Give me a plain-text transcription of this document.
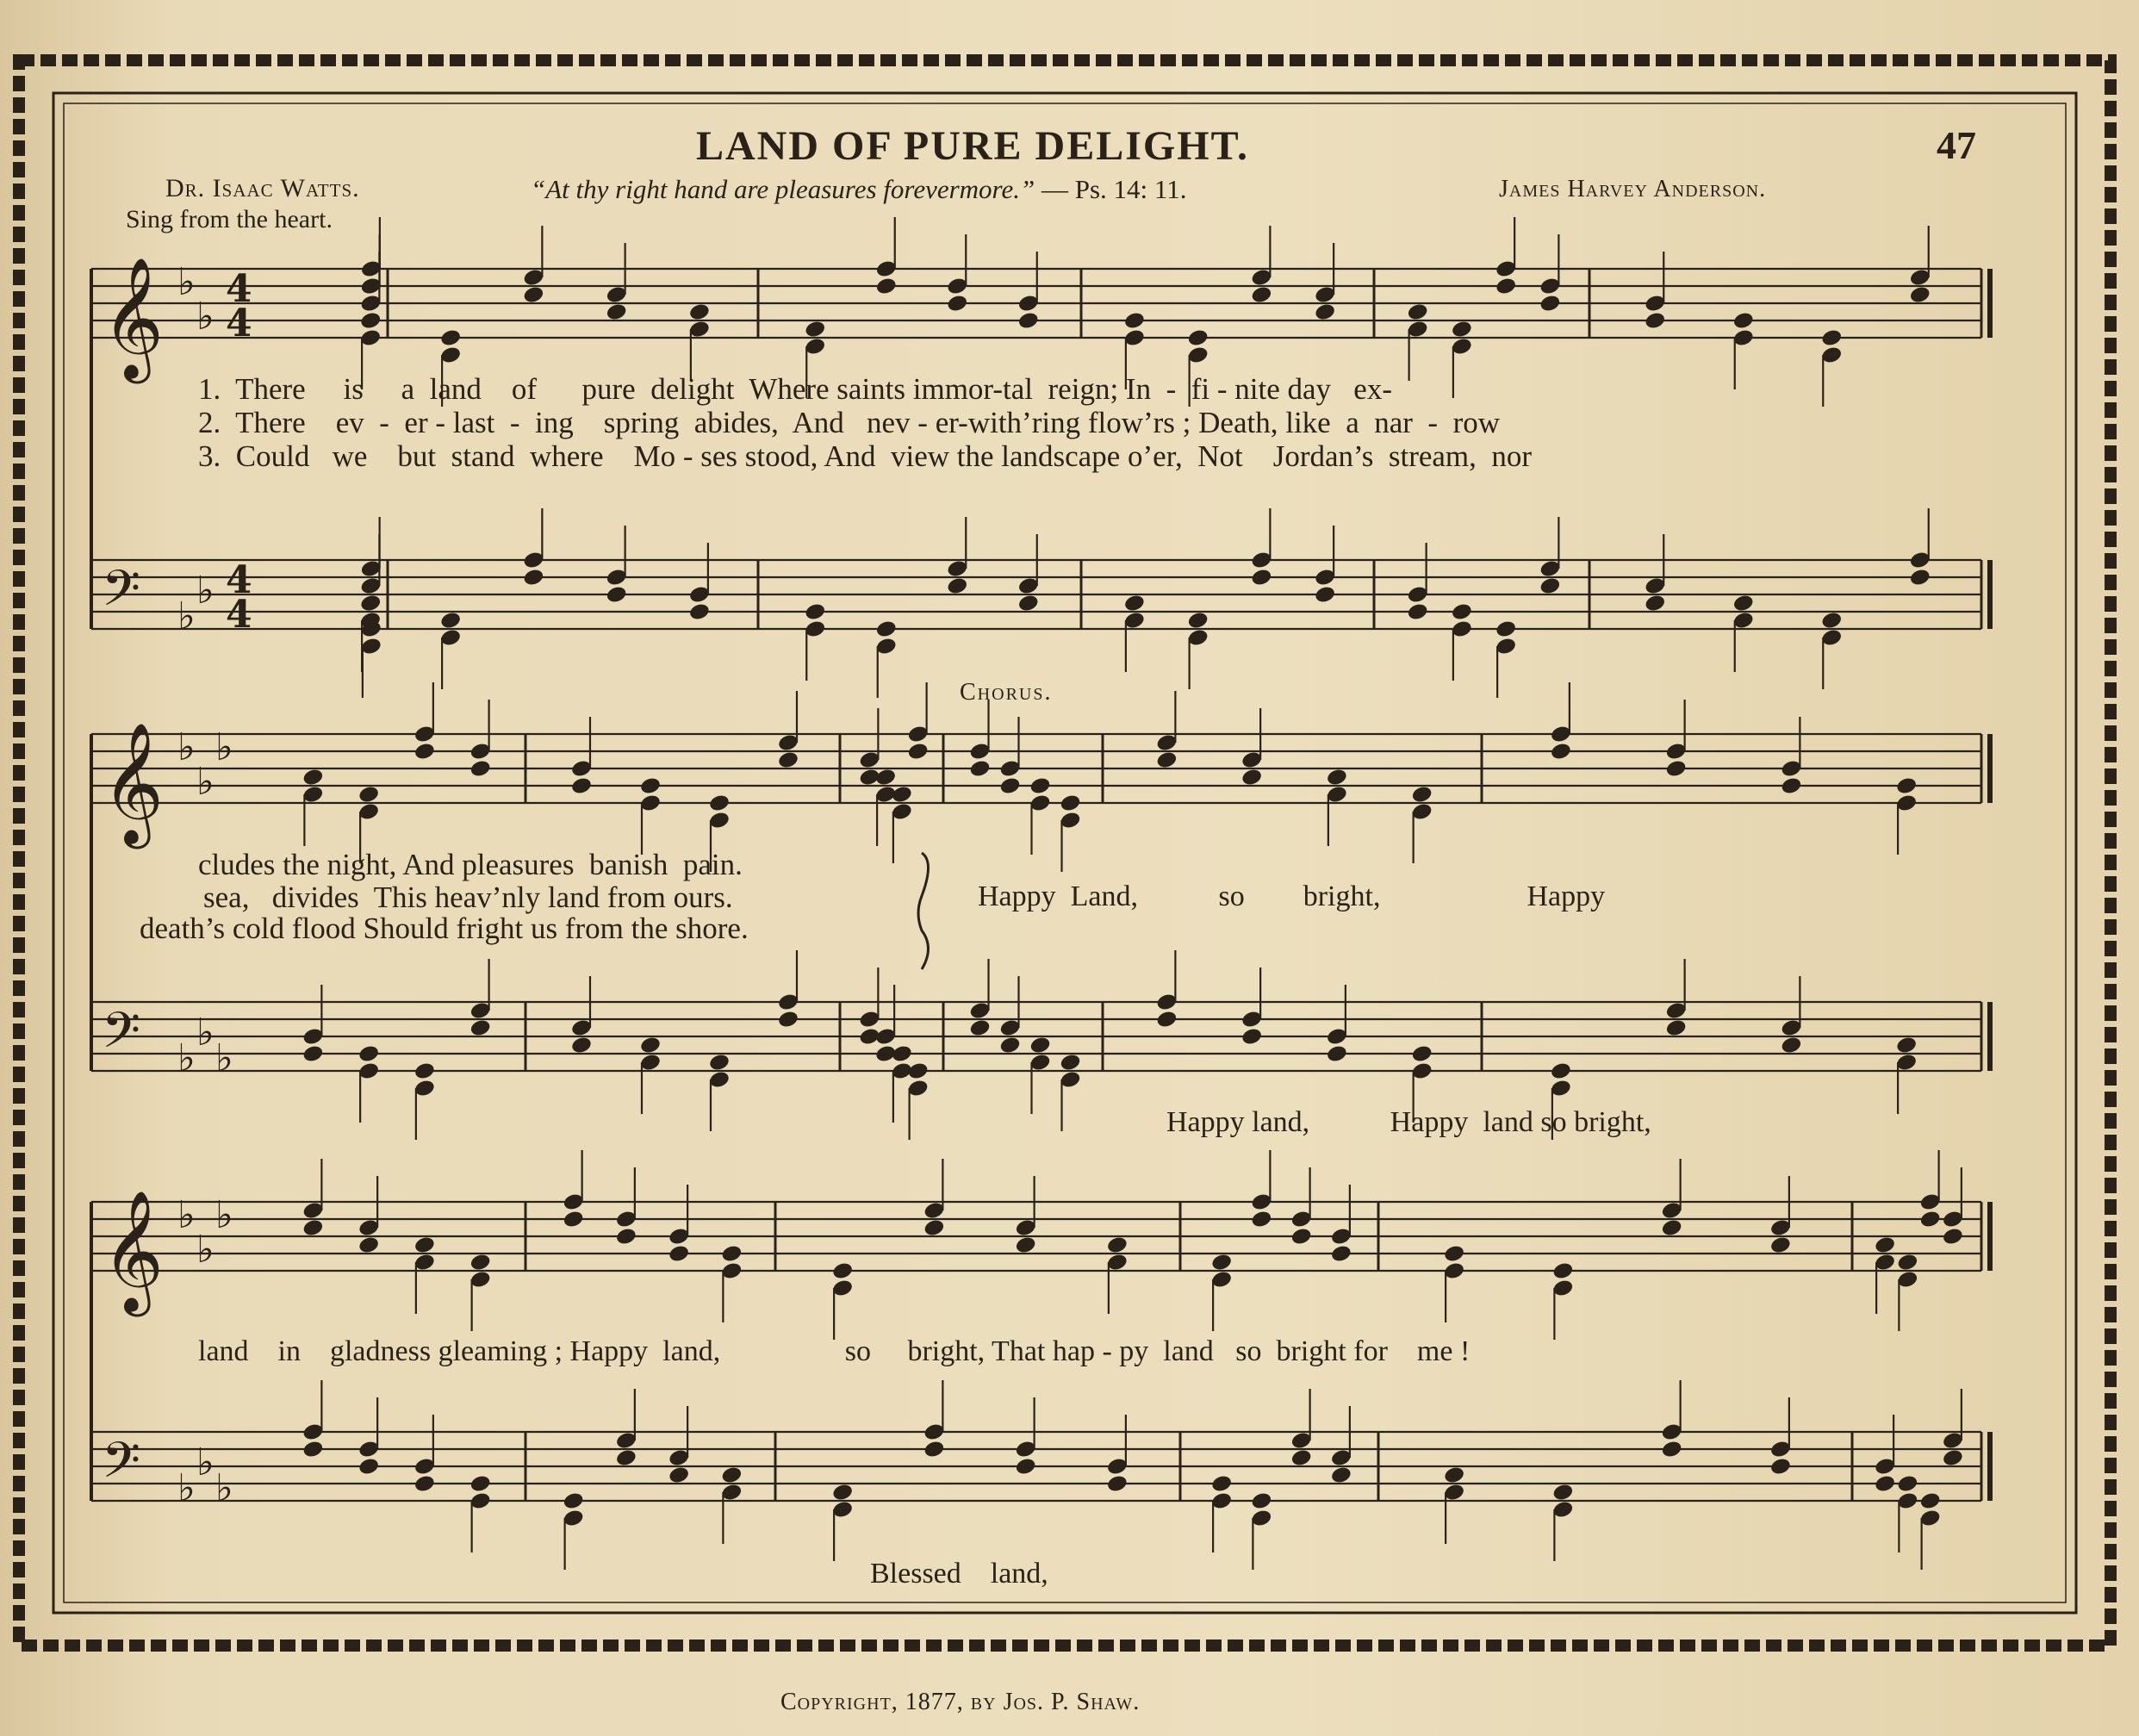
𝄞 ♭
♭
𝄢 ♭
♭
𝄞 ♭
♭
♭
𝄢 ♭
♭
♭
𝄞 ♭
♭
♭
𝄢 ♭
♭
♭
4
4
4
4
LAND OF PURE DELIGHT.	47
Dr. Isaac Watts.	“At thy right hand are pleasures forevermore.” — Ps. 14: 11.	James Harvey Anderson.
Sing from the heart.
1.  There     is     a  land    of      pure  delight  Where saints immor-tal  reign; In  -  fi - nite day   ex-
2.  There    ev  -  er - last  -  ing    spring  abides,  And   nev - er-with’ring flow’rs ; Death, like  a  nar  -  row
3.  Could   we    but  stand  where    Mo - ses stood, And  view the landscape o’er,  Not    Jordan’s  stream,  nor
Chorus.
cludes the night, And pleasures  banish  pain.
sea,   divides  This heav’nly land from ours.
death’s cold flood Should fright us from the shore.
Happy  Land,           so        bright,                    Happy
Happy land,           Happy  land so bright,
land    in    gladness gleaming ; Happy  land,                 so     bright, That hap - py  land   so  bright for    me !
Blessed    land,
Copyright, 1877, by Jos. P. Shaw.
